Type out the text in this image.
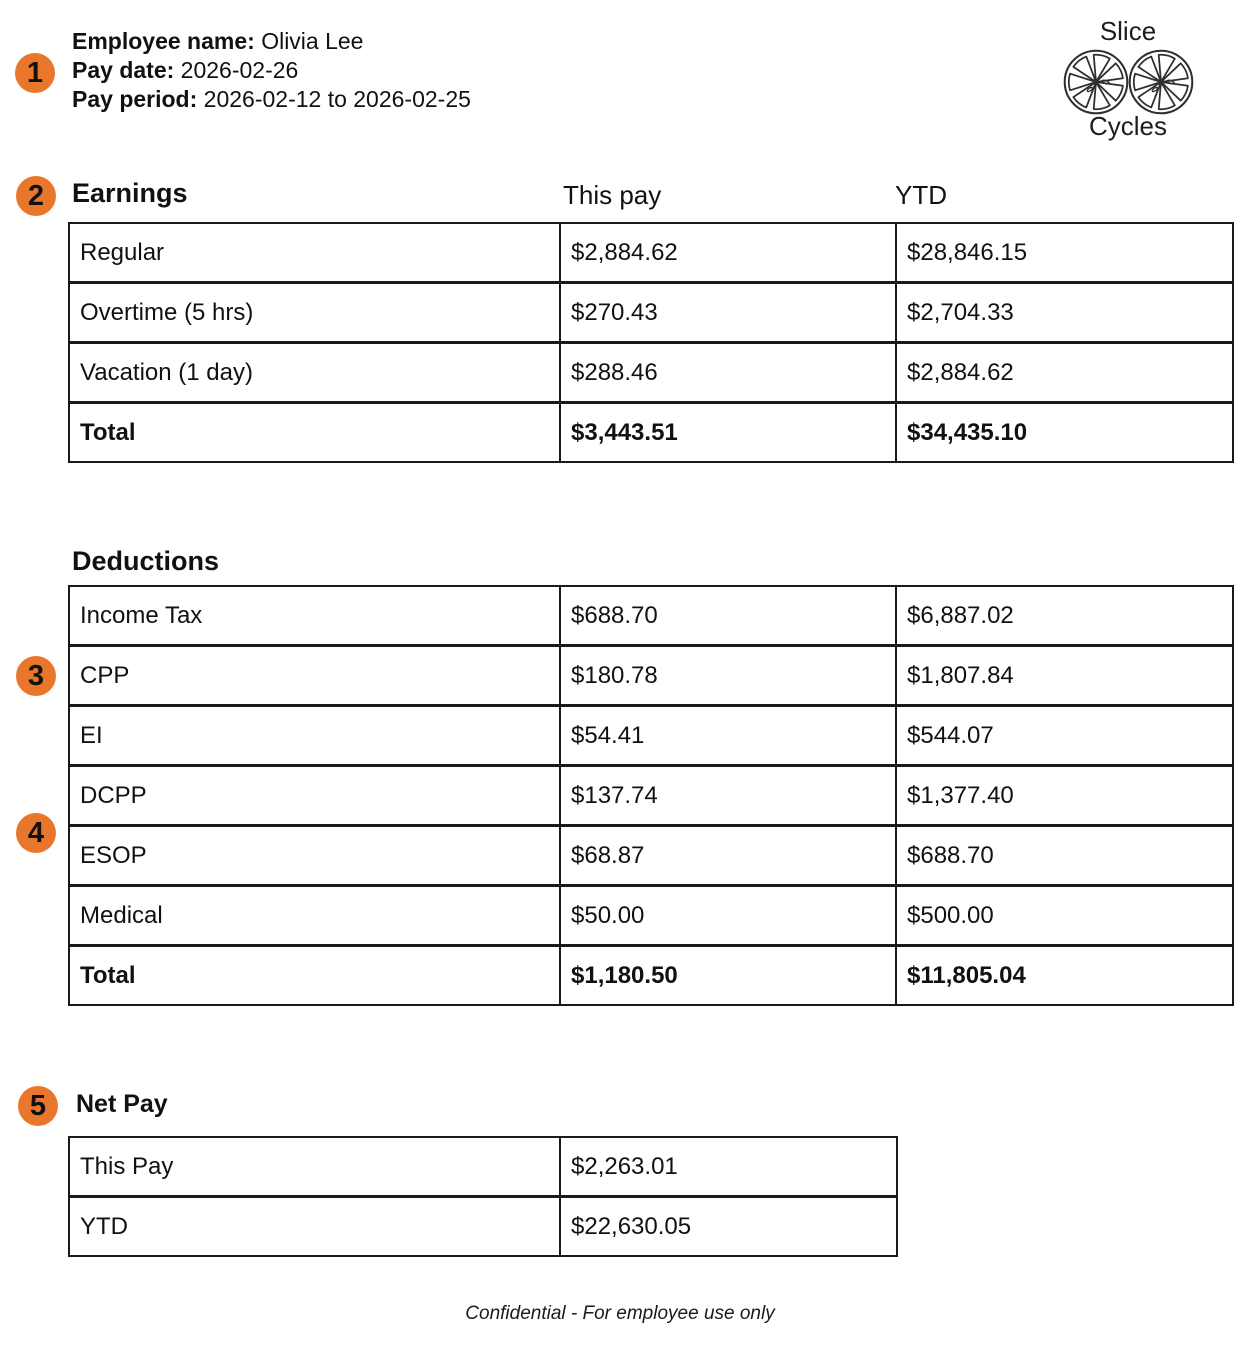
1
2
3
4
5
Employee name: Olivia Lee
Pay date: 2026-02-26
Pay period: 2026-02-12 to 2026-02-25
Slice
Cycles
Earnings	This pay	YTD
Regular	$2,884.62	$28,846.15
Overtime (5 hrs)	$270.43	$2,704.33
Vacation (1 day)	$288.46	$2,884.62
Total	$3,443.51	$34,435.10
Deductions
Income Tax	$688.70	$6,887.02
CPP	$180.78	$1,807.84
EI	$54.41	$544.07
DCPP	$137.74	$1,377.40
ESOP	$68.87	$688.70
Medical	$50.00	$500.00
Total	$1,180.50	$11,805.04
Net Pay
This Pay	$2,263.01
YTD	$22,630.05
Confidential - For employee use only
